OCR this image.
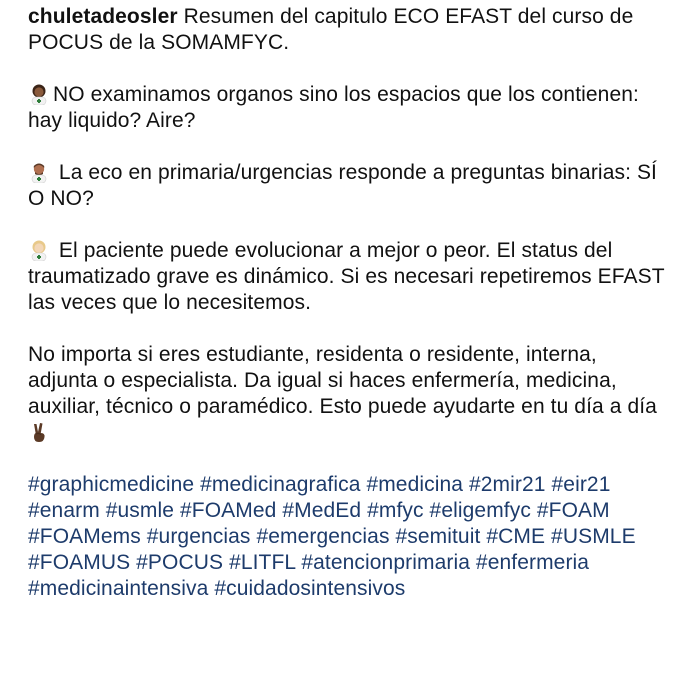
chuletadeosler Resumen del capitulo ECO EFAST del curso de POCUS de la SOMAMFYC.

NO examinamos organos sino los espacios que los contienen: hay liquido? Aire?

La eco en primaria/urgencias responde a preguntas binarias: SÍ O NO?

El paciente puede evolucionar a mejor o peor. El status del traumatizado grave es dinámico. Si es necesari repetiremos EFAST las veces que lo necesitemos.

No importa si eres estudiante, residenta o residente, interna, adjunta o especialista. Da igual si haces enfermería, medicina, auxiliar, técnico o paramédico. Esto puede ayudarte en tu día a día

#graphicmedicine #medicinagrafica #medicina #2mir21 #eir21 #enarm #usmle #FOAMed #MedEd #mfyc #eligemfyc #FOAM #FOAMems #urgencias #emergencias #semituit #CME #USMLE #FOAMUS #POCUS #LITFL #atencionprimaria #enfermeria #medicinaintensiva #cuidadosintensivos
